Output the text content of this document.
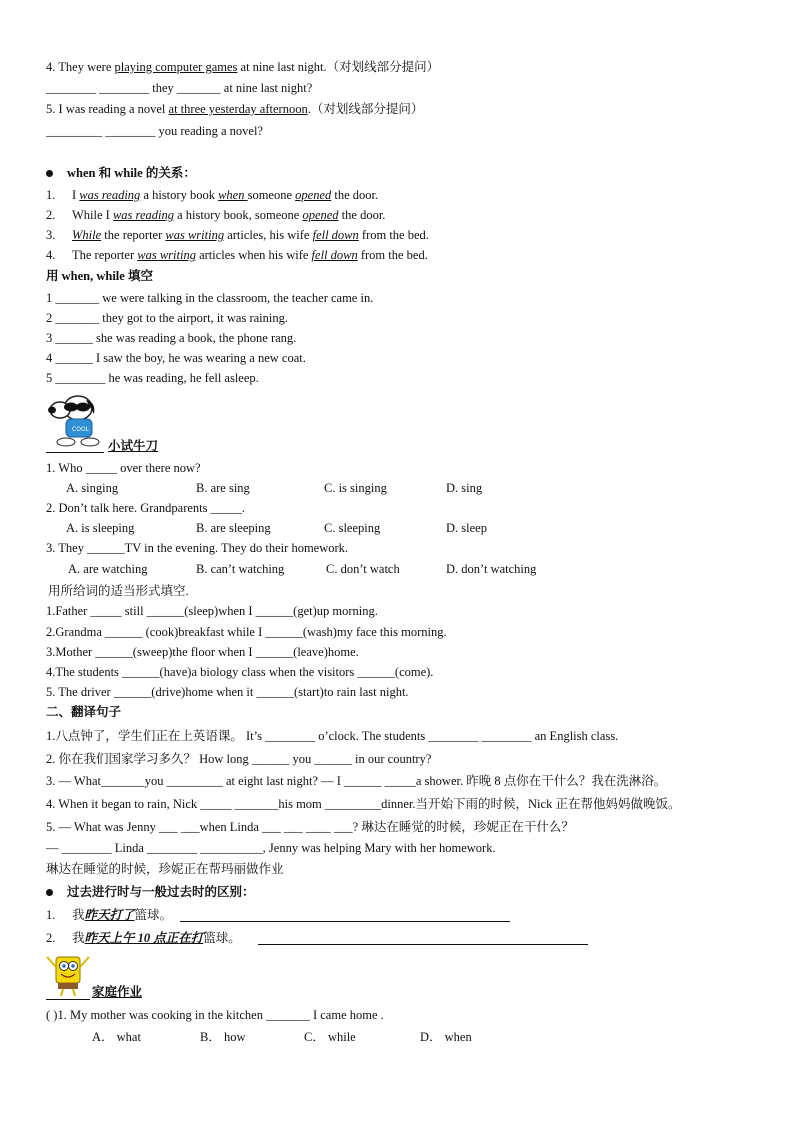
4. They were playing computer games at nine last night.（对划线部分提问）
________ ________ they _______ at nine last night?
5. I was reading a novel at three yesterday afternoon.（对划线部分提问）
_________ ________ you reading a novel?
when 和 while 的关系：
1. I was reading a history book when someone opened the door.
2. While I was reading a history book, someone opened the door.
3. While the reporter was writing articles, his wife fell down from the bed.
4. The reporter was writing articles when his wife fell down from the bed.
用 when, while 填空
1 _______ we were talking in the classroom, the teacher came in.
2 _______ they got to the airport, it was raining.
3 ______ she was reading a book, the phone rang.
4 ______ I saw the boy, he was wearing a new coat.
5 ________ he was reading, he fell asleep.
COOL
小试牛刀
1. Who _____ over there now?
A. singing	B. are sing	C. is singing	D. sing
2. Don’t talk here. Grandparents _____.
A. is sleeping	B. are sleeping	C. sleeping	D. sleep
3. They ______TV in the evening. They do their homework.
A. are watching	B. can’t watching	C. don’t watch	D. don’t watching
用所给词的适当形式填空.
1.Father _____ still ______(sleep)when I ______(get)up morning.
2.Grandma ______ (cook)breakfast while I ______(wash)my face this morning.
3.Mother ______(sweep)the floor when I ______(leave)home.
4.The students ______(have)a biology class when the visitors ______(come).
5. The driver ______(drive)home when it ______(start)to rain last night.
二、翻译句子
1.八点钟了，学生们正在上英语课。 It’s ________ o’clock. The students ________ ________ an English class.
2. 你在我们国家学习多久？ How long ______ you ______ in our country?
3. — What_______you _________ at eight last night? — I ______ _____a shower. 昨晚 8 点你在干什么？我在洗淋浴。
4. When it began to rain, Nick _____ _______his mom _________dinner.当开始下雨的时候，Nick 正在帮他妈妈做晚饭。
5. — What was Jenny ___ ___when Linda ___ ___ ____ ___? 琳达在睡觉的时候，珍妮正在干什么？
— ________ Linda ________ __________, Jenny was helping Mary with her homework.
琳达在睡觉的时候，珍妮正在帮玛丽做作业
过去进行时与一般过去时的区别：
1. 我昨天打了篮球。
2. 我昨天上午 10 点正在打篮球。
家庭作业
( )1. My mother was cooking in the kitchen _______ I came home .
A． what	B． how	C． while	D． when
